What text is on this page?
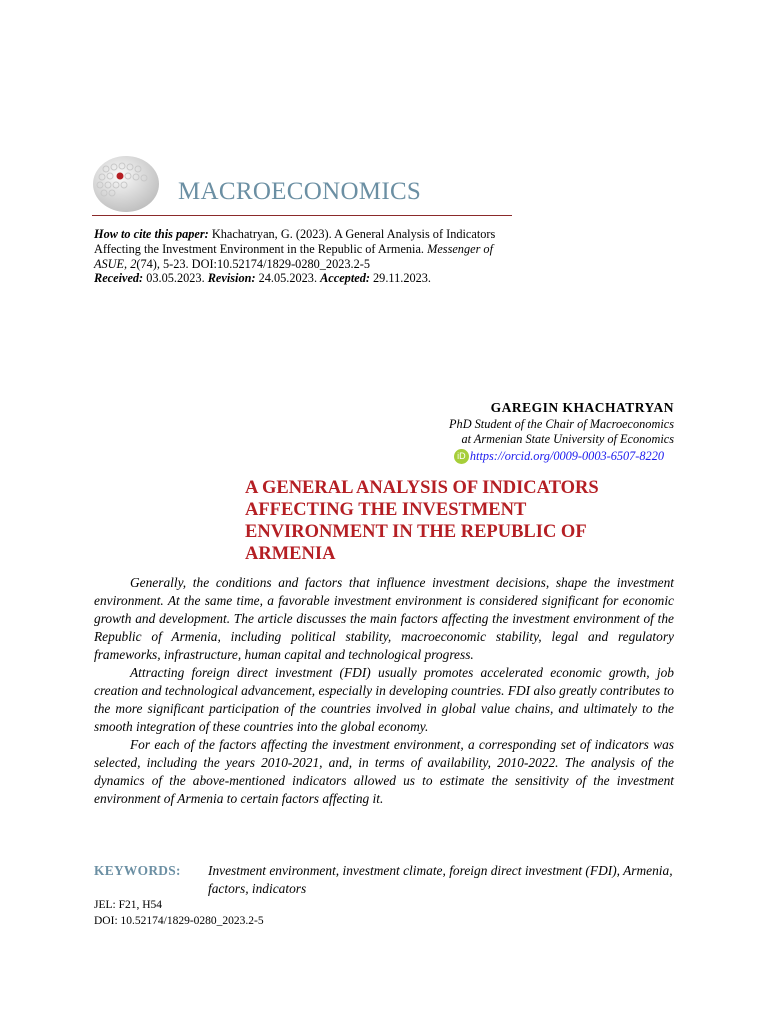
MACROECONOMICS
How to cite this paper: Khachatryan, G. (2023). A General Analysis of Indicators Affecting the Investment Environment in the Republic of Armenia. Messenger of ASUE, 2(74), 5-23. DOI:10.52174/1829-0280_2023.2-5
Received: 03.05.2023. Revision: 24.05.2023. Accepted: 29.11.2023.
GAREGIN KHACHATRYAN
PhD Student of the Chair of Macroeconomics
at Armenian State University of Economics
iD https://orcid.org/0009-0003-6507-8220
A GENERAL ANALYSIS OF INDICATORS AFFECTING THE INVESTMENT ENVIRONMENT IN THE REPUBLIC OF ARMENIA

Generally, the conditions and factors that influence investment decisions, shape the investment environment. At the same time, a favorable investment environment is considered significant for economic growth and development. The article discusses the main factors affecting the investment environment of the Republic of Armenia, including political stability, macroeconomic stability, legal and regulatory frameworks, infrastructure, human capital and technological progress.

Attracting foreign direct investment (FDI) usually promotes accelerated economic growth, job creation and technological advancement, especially in developing countries. FDI also greatly contributes to the more significant participation of the countries involved in global value chains, and ultimately to the smooth integration of these countries into the global economy.

For each of the factors affecting the investment environment, a corresponding set of indicators was selected, including the years 2010-2021, and, in terms of availability, 2010-2022. The analysis of the dynamics of the above-mentioned indicators allowed us to estimate the sensitivity of the investment environment of Armenia to certain factors affecting it.

KEYWORDS:	Investment environment, investment climate, foreign direct investment (FDI), Armenia, factors, indicators
JEL: F21, H54
DOI: 10.52174/1829-0280_2023.2-5
